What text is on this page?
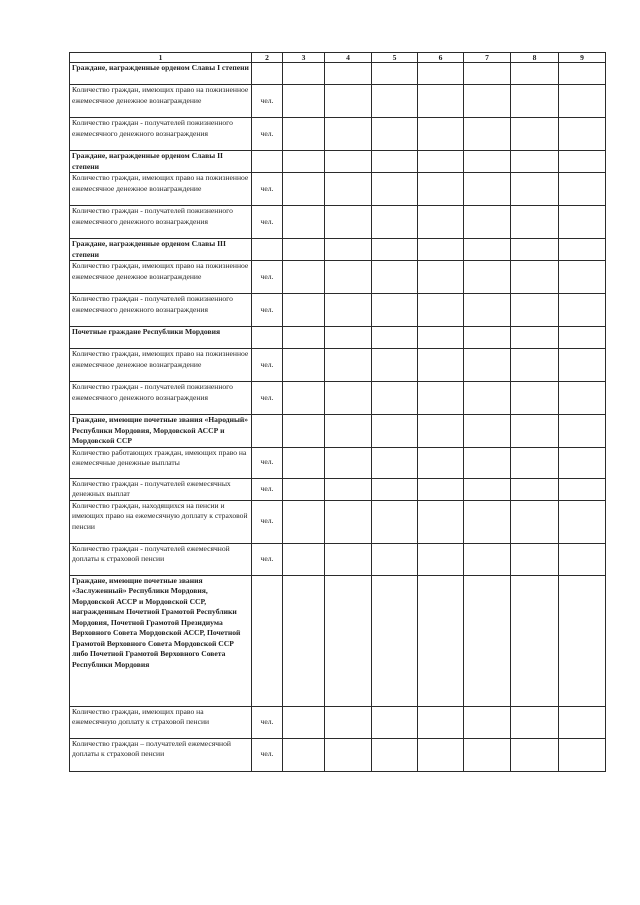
1	2	3	4	5	6	7	8	9
Граждане, награжденные орденом Славы I степени								
Количество граждан, имеющих право на пожизненное ежемесячное денежное вознаграждение	чел.							
Количество граждан - получателей пожизненного ежемесячного денежного вознаграждения	чел.							
Граждане, награжденные орденом Славы II степени								
Количество граждан, имеющих право на пожизненное ежемесячное денежное вознаграждение	чел.							
Количество граждан - получателей пожизненного ежемесячного денежного вознаграждения	чел.							
Граждане, награжденные орденом Славы III степени								
Количество граждан, имеющих право на пожизненное ежемесячное денежное вознаграждение	чел.							
Количество граждан - получателей пожизненного ежемесячного денежного вознаграждения	чел.							
Почетные граждане Республики Мордовия								
Количество граждан, имеющих право на пожизненное ежемесячное денежное вознаграждение	чел.							
Количество граждан - получателей пожизненного ежемесячного денежного вознаграждения	чел.							
Граждане, имеющие почетные звания «Народный» Республики Мордовия, Мордовской АССР и Мордовской ССР								
Количество работающих граждан, имеющих право на ежемесячные денежные выплаты	чел.							
Количество граждан - получателей ежемесячных денежных выплат	чел.							
Количество граждан, находящихся на пенсии и имеющих право на ежемесячную доплату к страховой пенсии	чел.							
Количество граждан - получателей ежемесячной доплаты к страховой пенсии	чел.							
Граждане, имеющие почетные звания «Заслуженный» Республики Мордовия, Мордовской АССР и Мордовской ССР, награжденным Почетной Грамотой Республики Мордовия, Почетной Грамотой Президиума Верховного Совета Мордовской АССР, Почетной Грамотой Верховного Совета Мордовской ССР либо Почетной Грамотой Верховного Совета Республики Мордовия								
Количество граждан, имеющих право на ежемесячную доплату к страховой пенсии	чел.							
Количество граждан – получателей ежемесячной доплаты к страховой пенсии	чел.							
